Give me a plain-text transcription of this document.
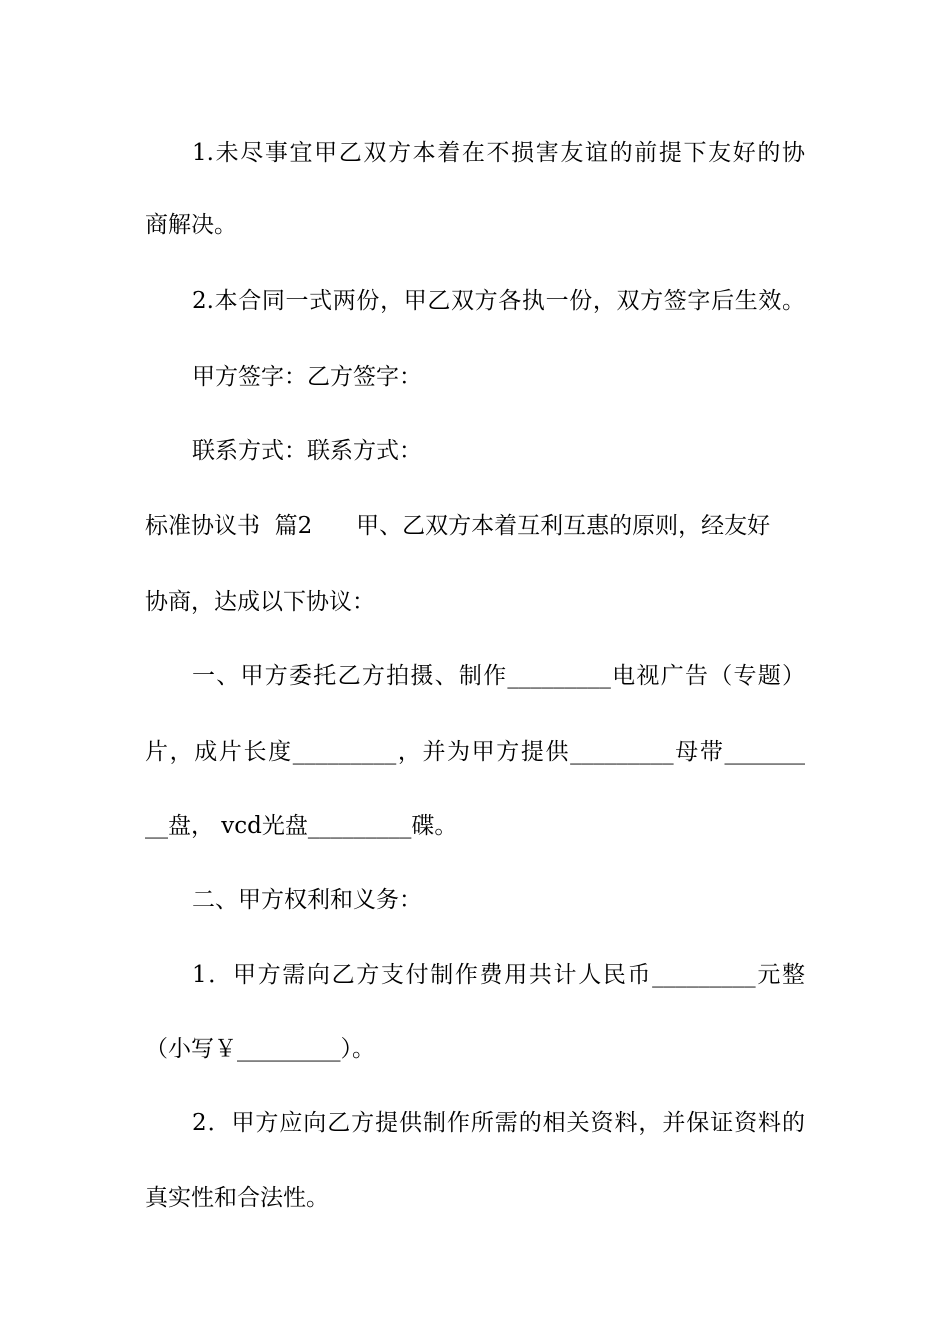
1.未尽事宜甲乙双方本着在不损害友谊的前提下友好的协
商解决。
2.本合同一式两份，甲乙双方各执一份，双方签字后生效。
甲方签字：乙方签字：
联系方式：联系方式：
标准协议书  篇2      甲、乙双方本着互利互惠的原则，经友好
协商，达成以下协议：
一、甲方委托乙方拍摄、制作_________电视广告（专题）
片，成片长度_________，并为甲方提供_________母带_______
__盘， vcd光盘_________碟。
二、甲方权利和义务：
1．甲方需向乙方支付制作费用共计人民币_________元整
（小写￥_________）。
2．甲方应向乙方提供制作所需的相关资料，并保证资料的
真实性和合法性。
